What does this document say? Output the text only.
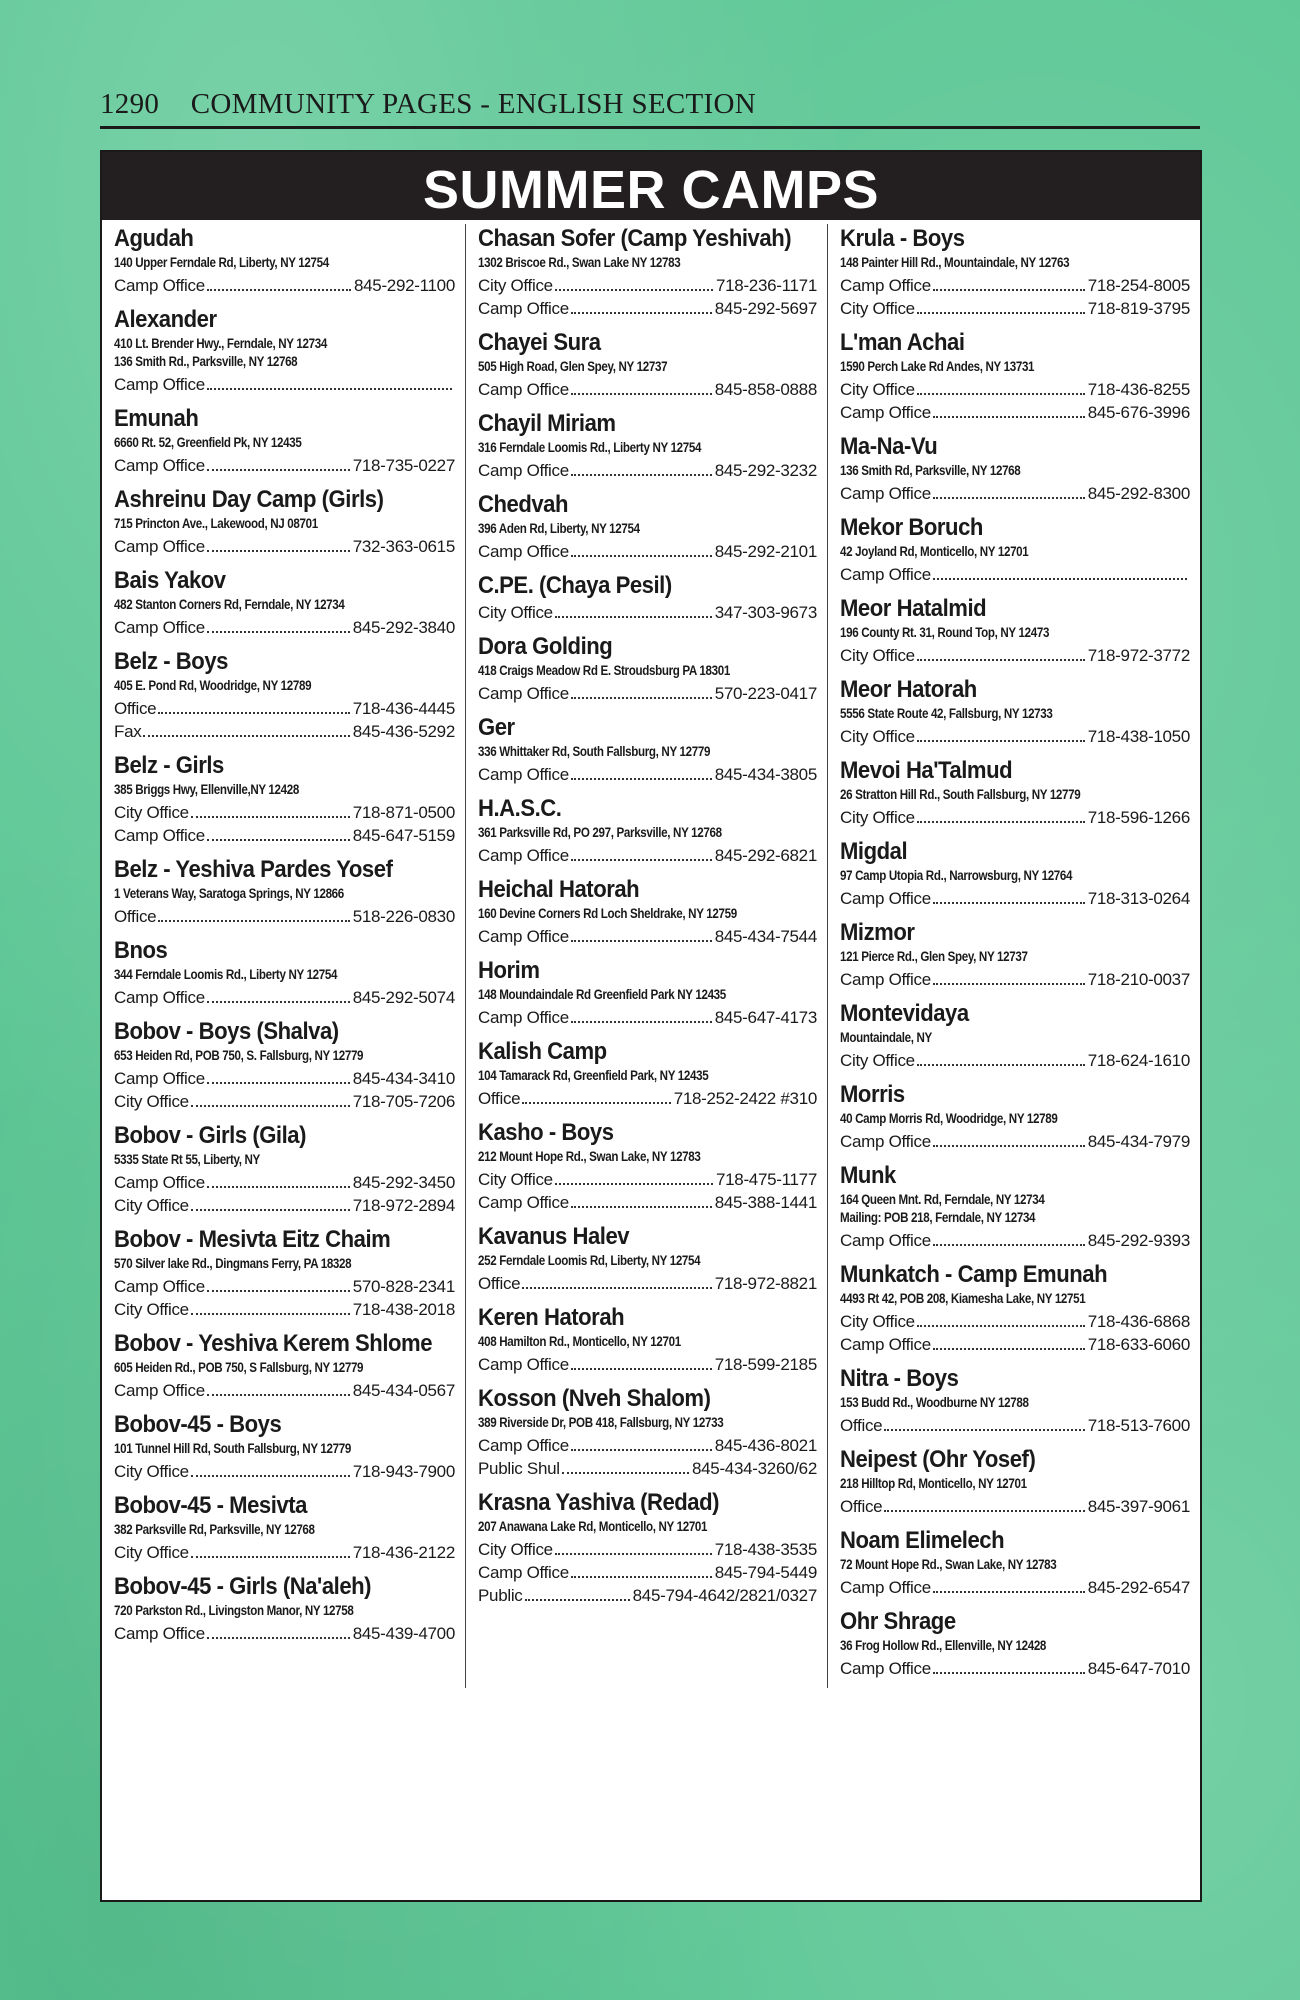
1290 COMMUNITY PAGES - ENGLISH SECTION
SUMMER CAMPS
Agudah
140 Upper Ferndale Rd, Liberty, NY 12754
Camp Office	845-292-1100
Alexander
410 Lt. Brender Hwy., Ferndale, NY 12734
136 Smith Rd., Parksville, NY 12768
Camp Office
Emunah
6660 Rt. 52, Greenfield Pk, NY 12435
Camp Office	718-735-0227
Ashreinu Day Camp (Girls)
715 Princton Ave., Lakewood, NJ 08701
Camp Office	732-363-0615
Bais Yakov
482 Stanton Corners Rd, Ferndale, NY 12734
Camp Office	845-292-3840
Belz - Boys
405 E. Pond Rd, Woodridge, NY 12789
Office	718-436-4445
Fax	845-436-5292
Belz - Girls
385 Briggs Hwy, Ellenville,NY 12428
City Office	718-871-0500
Camp Office	845-647-5159
Belz - Yeshiva Pardes Yosef
1 Veterans Way, Saratoga Springs, NY 12866
Office	518-226-0830
Bnos
344 Ferndale Loomis Rd., Liberty NY 12754
Camp Office	845-292-5074
Bobov - Boys (Shalva)
653 Heiden Rd, POB 750, S. Fallsburg, NY 12779
Camp Office	845-434-3410
City Office	718-705-7206
Bobov - Girls (Gila)
5335 State Rt 55, Liberty, NY
Camp Office	845-292-3450
City Office	718-972-2894
Bobov - Mesivta Eitz Chaim
570 Silver lake Rd., Dingmans Ferry, PA 18328
Camp Office	570-828-2341
City Office	718-438-2018
Bobov - Yeshiva Kerem Shlome
605 Heiden Rd., POB 750, S Fallsburg, NY 12779
Camp Office	845-434-0567
Bobov-45 - Boys
101 Tunnel Hill Rd, South Fallsburg, NY 12779
City Office	718-943-7900
Bobov-45 - Mesivta
382 Parksville Rd, Parksville, NY 12768
City Office	718-436-2122
Bobov-45 - Girls (Na'aleh)
720 Parkston Rd., Livingston Manor, NY 12758
Camp Office	845-439-4700
Chasan Sofer (Camp Yeshivah)
1302 Briscoe Rd., Swan Lake NY 12783
City Office	718-236-1171
Camp Office	845-292-5697
Chayei Sura
505 High Road, Glen Spey, NY 12737
Camp Office	845-858-0888
Chayil Miriam
316 Ferndale Loomis Rd., Liberty NY 12754
Camp Office	845-292-3232
Chedvah
396 Aden Rd, Liberty, NY 12754
Camp Office	845-292-2101
C.PE. (Chaya Pesil)
City Office	347-303-9673
Dora Golding
418 Craigs Meadow Rd E. Stroudsburg PA 18301
Camp Office	570-223-0417
Ger
336 Whittaker Rd, South Fallsburg, NY 12779
Camp Office	845-434-3805
H.A.S.C.
361 Parksville Rd, PO 297, Parksville, NY 12768
Camp Office	845-292-6821
Heichal Hatorah
160 Devine Corners Rd Loch Sheldrake, NY 12759
Camp Office	845-434-7544
Horim
148 Moundaindale Rd Greenfield Park NY 12435
Camp Office	845-647-4173
Kalish Camp
104 Tamarack Rd, Greenfield Park, NY 12435
Office	718-252-2422 #310
Kasho - Boys
212 Mount Hope Rd., Swan Lake, NY 12783
City Office	718-475-1177
Camp Office	845-388-1441
Kavanus Halev
252 Ferndale Loomis Rd, Liberty, NY 12754
Office	718-972-8821
Keren Hatorah
408 Hamilton Rd., Monticello, NY 12701
Camp Office	718-599-2185
Kosson (Nveh Shalom)
389 Riverside Dr, POB 418, Fallsburg, NY 12733
Camp Office	845-436-8021
Public Shul	845-434-3260/62
Krasna Yashiva (Redad)
207 Anawana Lake Rd, Monticello, NY 12701
City Office	718-438-3535
Camp Office	845-794-5449
Public	845-794-4642/2821/0327
Krula - Boys
148 Painter Hill Rd., Mountaindale, NY 12763
Camp Office	718-254-8005
City Office	718-819-3795
L'man Achai
1590 Perch Lake Rd Andes, NY 13731
City Office	718-436-8255
Camp Office	845-676-3996
Ma-Na-Vu
136 Smith Rd, Parksville, NY 12768
Camp Office	845-292-8300
Mekor Boruch
42 Joyland Rd, Monticello, NY 12701
Camp Office
Meor Hatalmid
196 County Rt. 31, Round Top, NY 12473
City Office	718-972-3772
Meor Hatorah
5556 State Route 42, Fallsburg, NY 12733
City Office	718-438-1050
Mevoi Ha'Talmud
26 Stratton Hill Rd., South Fallsburg, NY 12779
City Office	718-596-1266
Migdal
97 Camp Utopia Rd., Narrowsburg, NY 12764
Camp Office	718-313-0264
Mizmor
121 Pierce Rd., Glen Spey, NY 12737
Camp Office	718-210-0037
Montevidaya
Mountaindale, NY
City Office	718-624-1610
Morris
40 Camp Morris Rd, Woodridge, NY 12789
Camp Office	845-434-7979
Munk
164 Queen Mnt. Rd, Ferndale, NY 12734
Mailing: POB 218, Ferndale, NY 12734
Camp Office	845-292-9393
Munkatch - Camp Emunah
4493 Rt 42, POB 208, Kiamesha Lake, NY 12751
City Office	718-436-6868
Camp Office	718-633-6060
Nitra - Boys
153 Budd Rd., Woodburne NY 12788
Office	718-513-7600
Neipest (Ohr Yosef)
218 Hilltop Rd, Monticello, NY 12701
Office	845-397-9061
Noam Elimelech
72 Mount Hope Rd., Swan Lake, NY 12783
Camp Office	845-292-6547
Ohr Shrage
36 Frog Hollow Rd., Ellenville, NY 12428
Camp Office	845-647-7010
